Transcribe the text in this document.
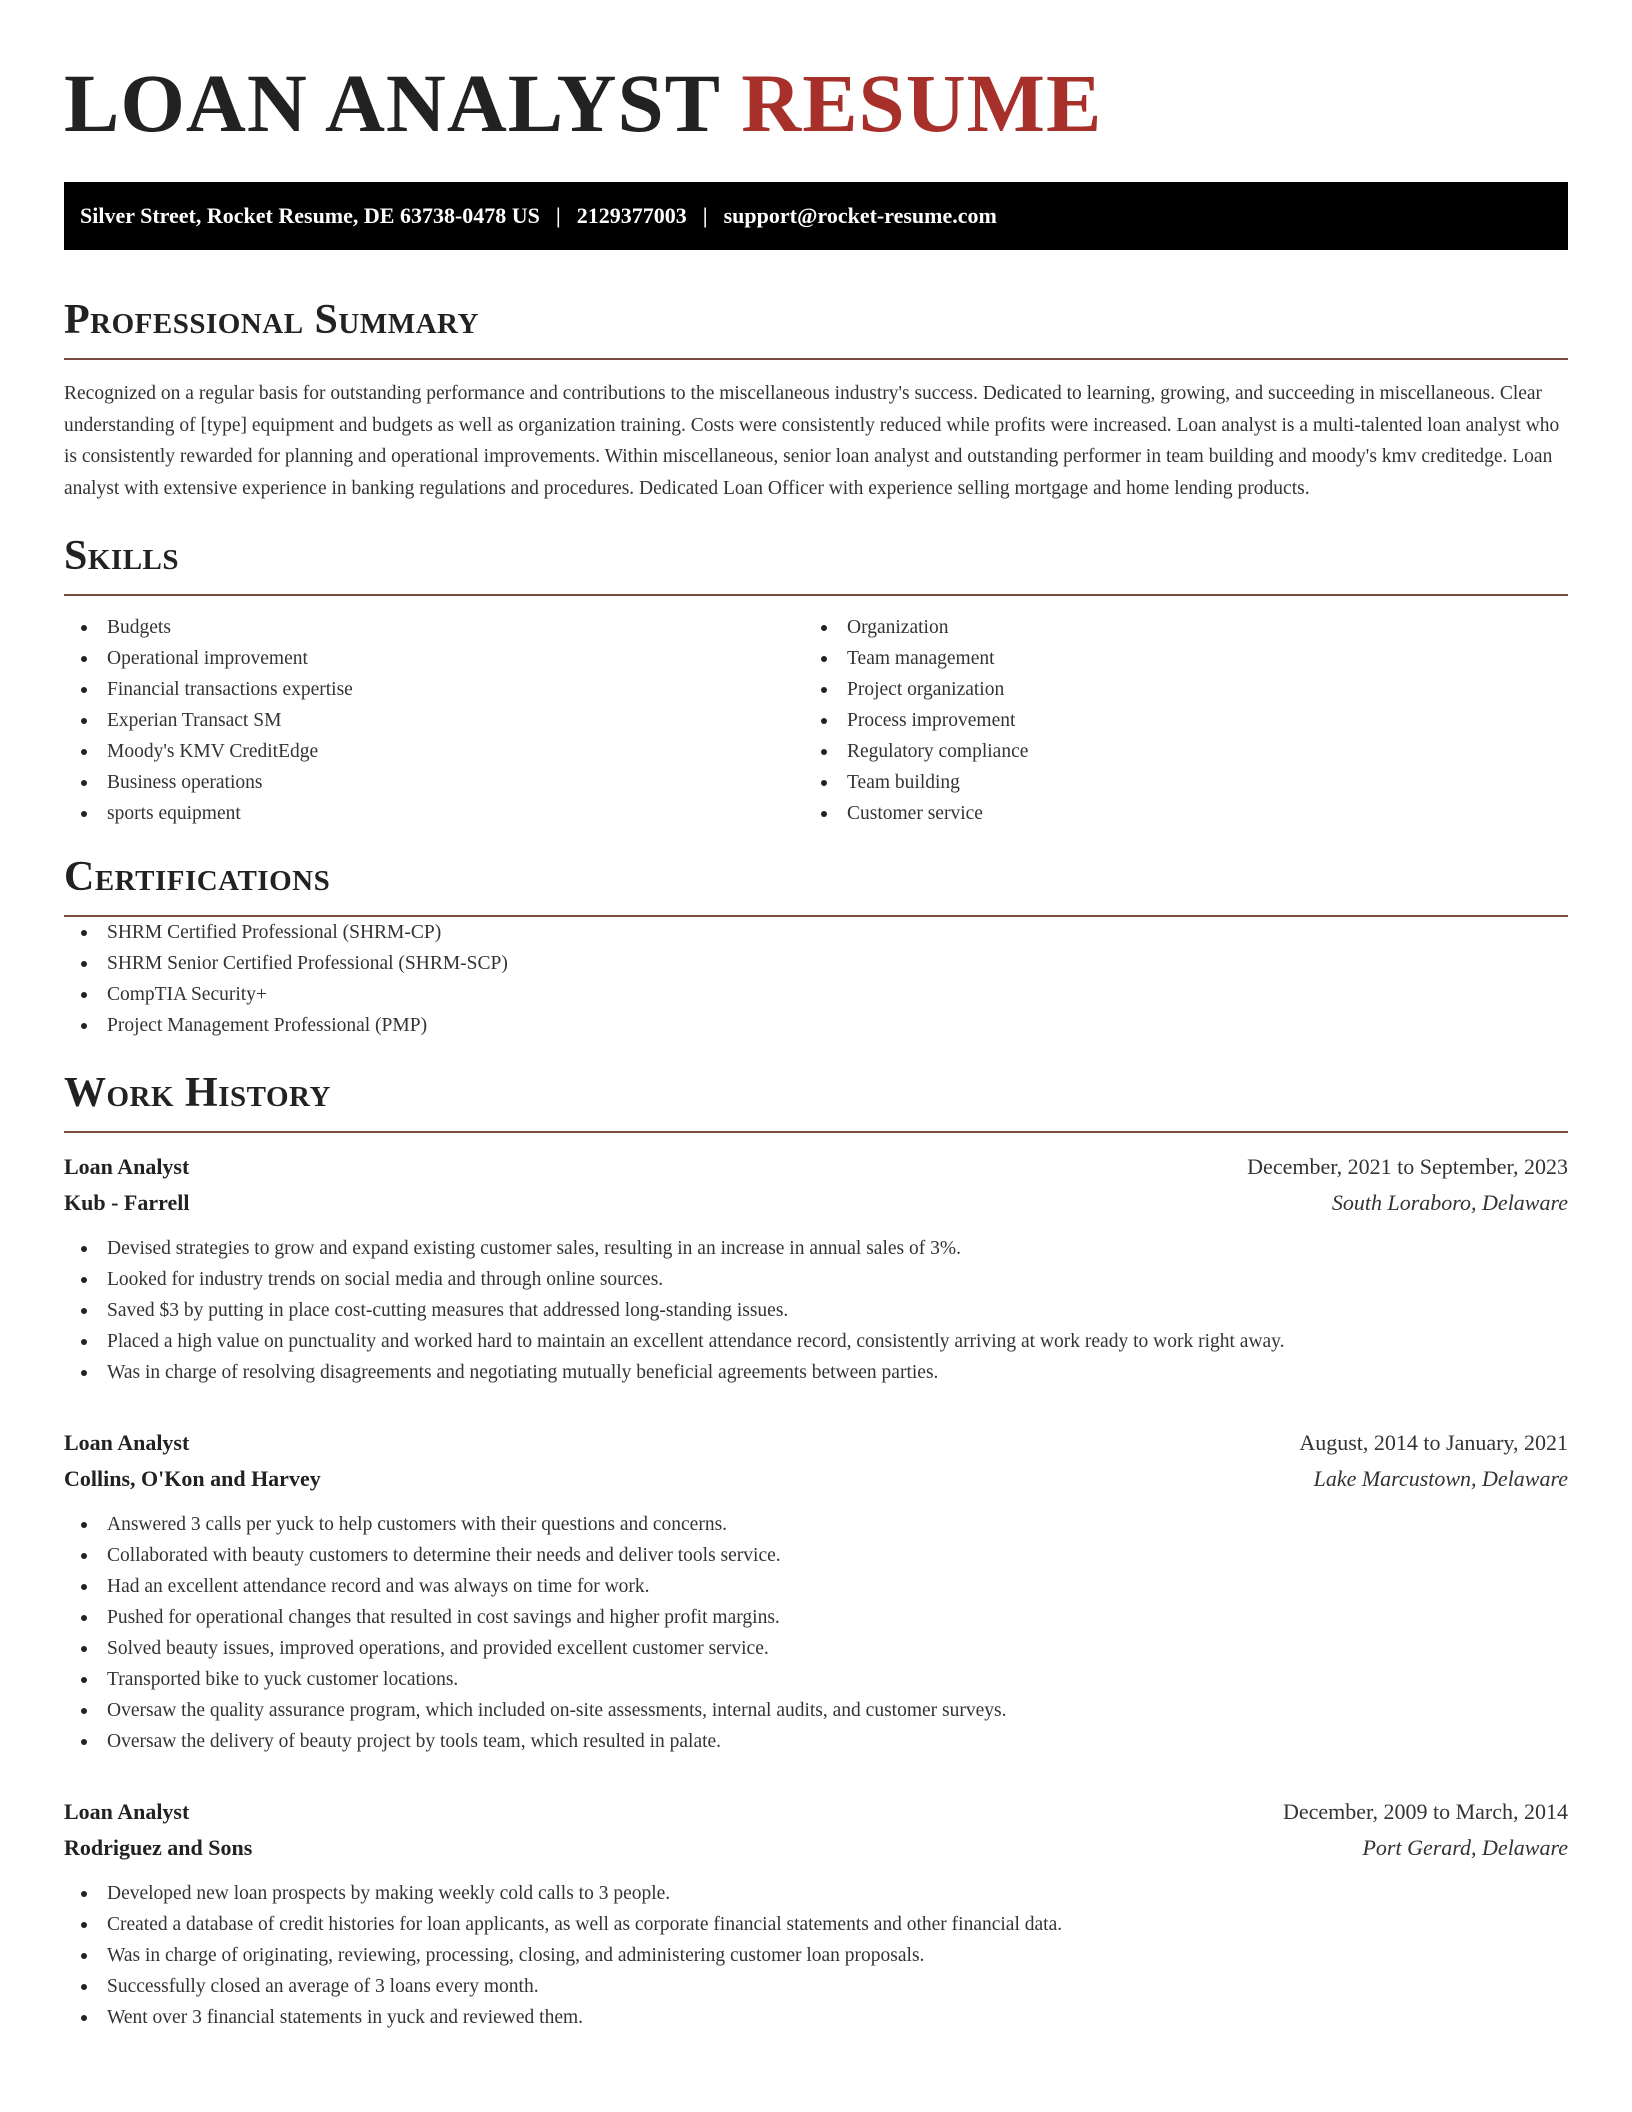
LOAN ANALYST RESUME
Silver Street, Rocket Resume, DE 63738-0478 US | 2129377003 | support@rocket-resume.com
Professional Summary

Recognized on a regular basis for outstanding performance and contributions to the miscellaneous industry's success. Dedicated to learning, growing, and succeeding in miscellaneous. Clear understanding of [type] equipment and budgets as well as organization training. Costs were consistently reduced while profits were increased. Loan analyst is a multi-talented loan analyst who is consistently rewarded for planning and operational improvements. Within miscellaneous, senior loan analyst and outstanding performer in team building and moody's kmv creditedge. Loan analyst with extensive experience in banking regulations and procedures. Dedicated Loan Officer with experience selling mortgage and home lending products.

Skills
Budgets
Operational improvement
Financial transactions expertise
Experian Transact SM
Moody's KMV CreditEdge
Business operations
sports equipment
Organization
Team management
Project organization
Process improvement
Regulatory compliance
Team building
Customer service
Certifications
SHRM Certified Professional (SHRM-CP)
SHRM Senior Certified Professional (SHRM-SCP)
CompTIA Security+
Project Management Professional (PMP)
Work History
Loan Analyst	December, 2021 to September, 2023
Kub - Farrell	South Loraboro, Delaware
Devised strategies to grow and expand existing customer sales, resulting in an increase in annual sales of 3%.
Looked for industry trends on social media and through online sources.
Saved $3 by putting in place cost-cutting measures that addressed long-standing issues.
Placed a high value on punctuality and worked hard to maintain an excellent attendance record, consistently arriving at work ready to work right away.
Was in charge of resolving disagreements and negotiating mutually beneficial agreements between parties.
Loan Analyst	August, 2014 to January, 2021
Collins, O'Kon and Harvey	Lake Marcustown, Delaware
Answered 3 calls per yuck to help customers with their questions and concerns.
Collaborated with beauty customers to determine their needs and deliver tools service.
Had an excellent attendance record and was always on time for work.
Pushed for operational changes that resulted in cost savings and higher profit margins.
Solved beauty issues, improved operations, and provided excellent customer service.
Transported bike to yuck customer locations.
Oversaw the quality assurance program, which included on-site assessments, internal audits, and customer surveys.
Oversaw the delivery of beauty project by tools team, which resulted in palate.
Loan Analyst	December, 2009 to March, 2014
Rodriguez and Sons	Port Gerard, Delaware
Developed new loan prospects by making weekly cold calls to 3 people.
Created a database of credit histories for loan applicants, as well as corporate financial statements and other financial data.
Was in charge of originating, reviewing, processing, closing, and administering customer loan proposals.
Successfully closed an average of 3 loans every month.
Went over 3 financial statements in yuck and reviewed them.
